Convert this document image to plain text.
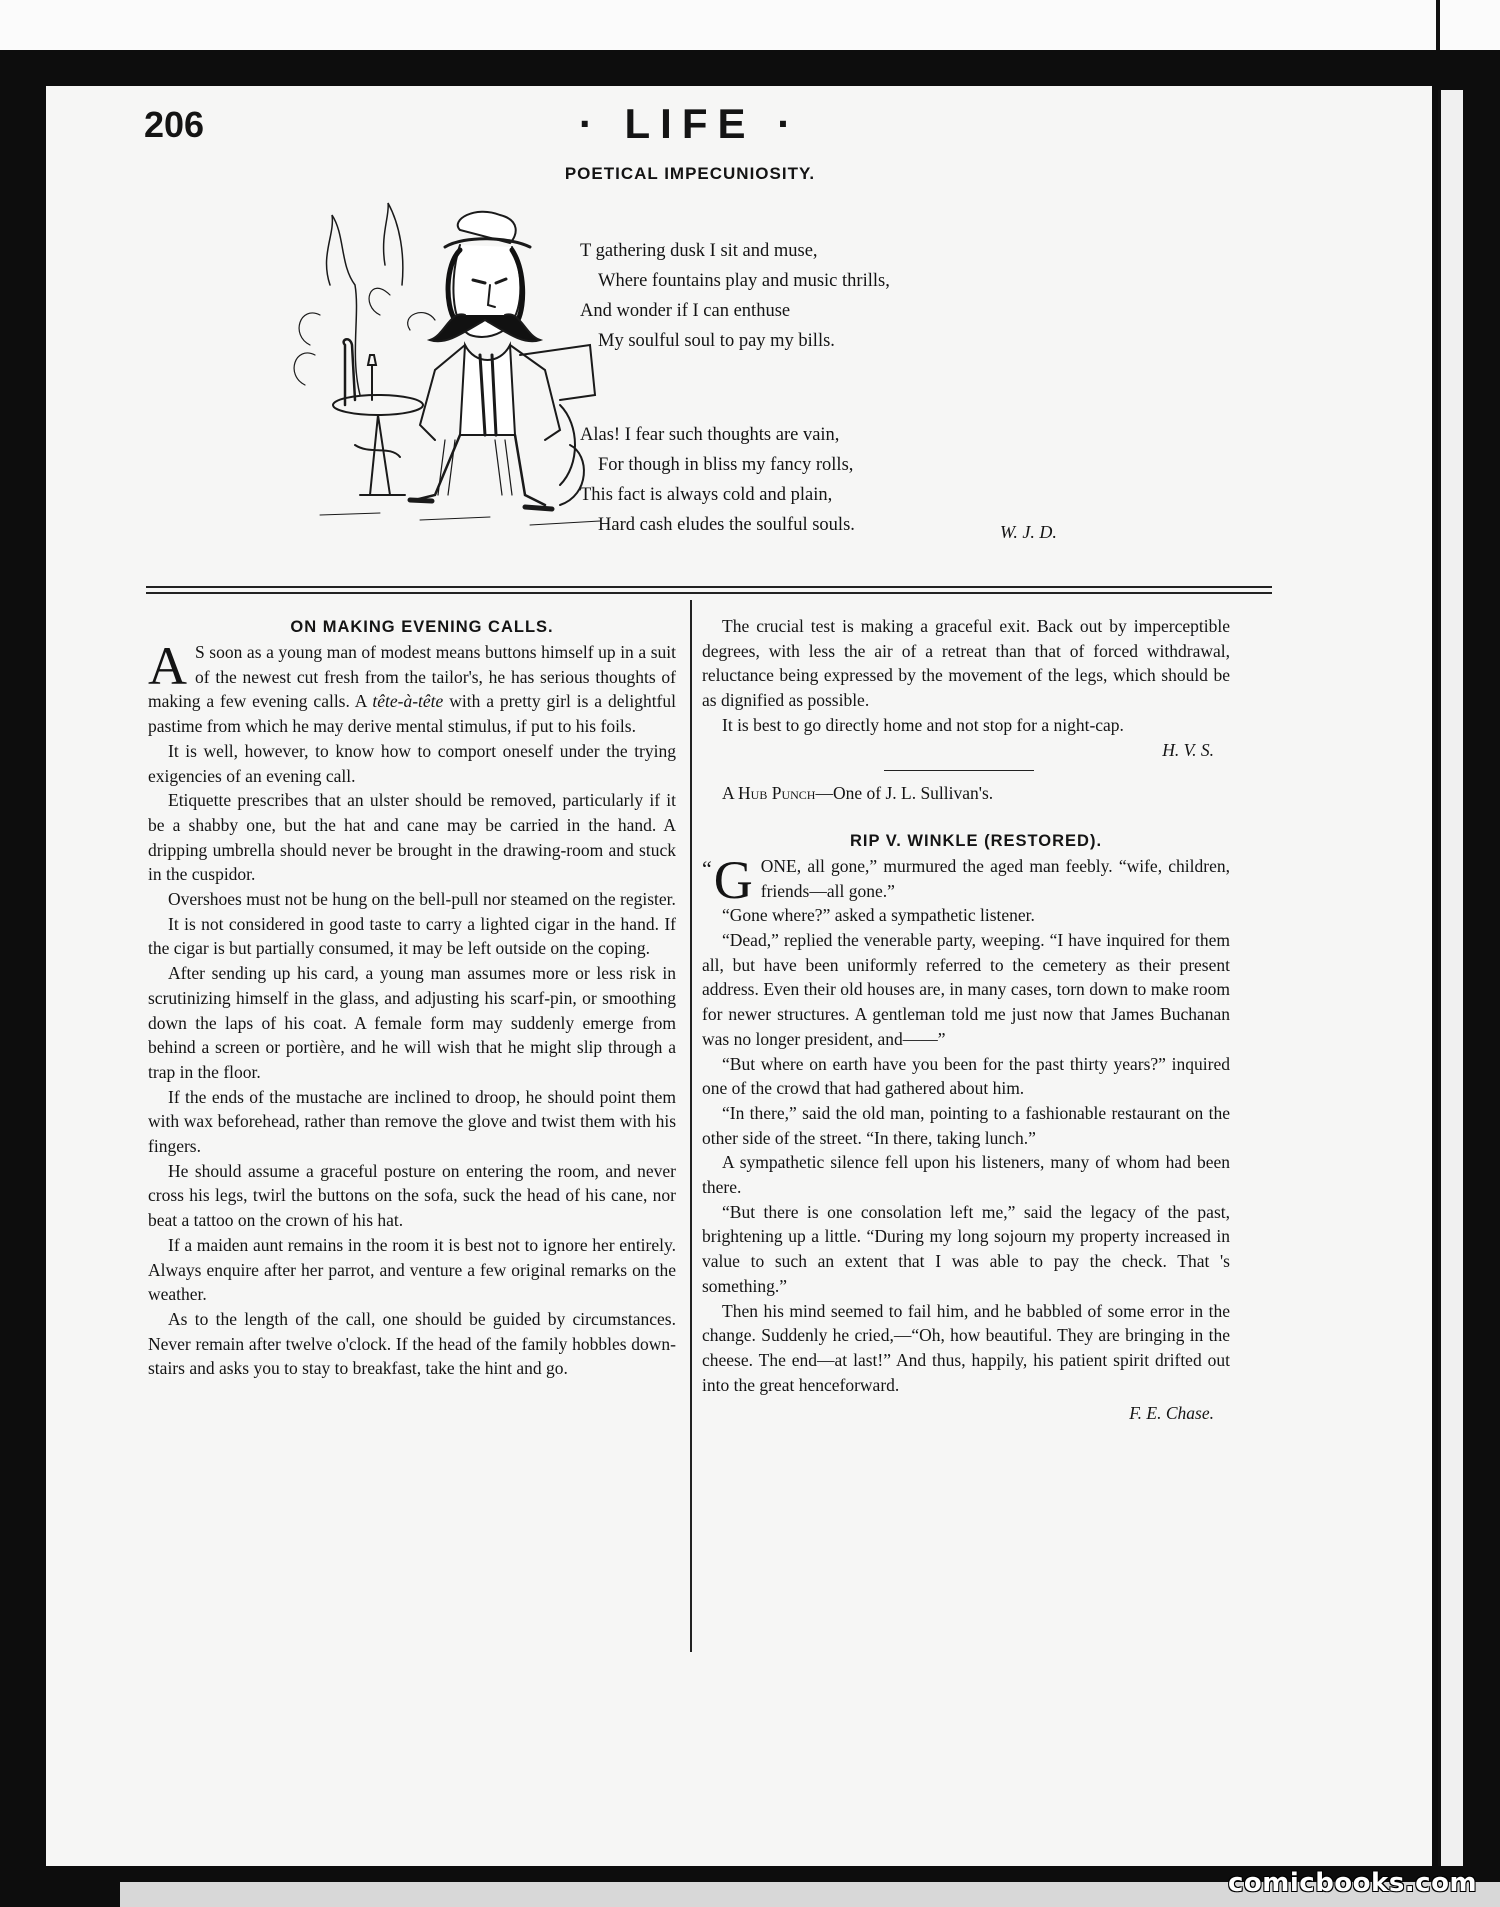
206	· LIFE ·

POETICAL IMPECUNIOSITY.

T gathering dusk I sit and muse,
Where fountains play and music thrills,
And wonder if I can enthuse
My soulful soul to pay my bills.
Alas! I fear such thoughts are vain,
For though in bliss my fancy rolls,
This fact is always cold and plain,
Hard cash eludes the soulful souls.	W. J. D.

ON MAKING EVENING CALLS.

A S soon as a young man of modest means buttons himself up in a suit of the newest cut fresh from the tailor's, he has serious thoughts of making a few evening calls. A tête-à-tête with a pretty girl is a delightful pastime from which he may derive mental stimulus, if put to his foils.

It is well, however, to know how to comport oneself under the trying exigencies of an evening call.

Etiquette prescribes that an ulster should be removed, particularly if it be a shabby one, but the hat and cane may be carried in the hand. A dripping umbrella should never be brought in the drawing-room and stuck in the cuspidor.

Overshoes must not be hung on the bell-pull nor steamed on the register.

It is not considered in good taste to carry a lighted cigar in the hand. If the cigar is but partially consumed, it may be left outside on the coping.

After sending up his card, a young man assumes more or less risk in scrutinizing himself in the glass, and adjusting his scarf-pin, or smoothing down the laps of his coat. A female form may suddenly emerge from behind a screen or portière, and he will wish that he might slip through a trap in the floor.

If the ends of the mustache are inclined to droop, he should point them with wax beforehead, rather than remove the glove and twist them with his fingers.

He should assume a graceful posture on entering the room, and never cross his legs, twirl the buttons on the sofa, suck the head of his cane, nor beat a tattoo on the crown of his hat.

If a maiden aunt remains in the room it is best not to ignore her entirely. Always enquire after her parrot, and venture a few original remarks on the weather.

As to the length of the call, one should be guided by circumstances. Never remain after twelve o'clock. If the head of the family hobbles down-stairs and asks you to stay to breakfast, take the hint and go.

The crucial test is making a graceful exit. Back out by imperceptible degrees, with less the air of a retreat than that of forced withdrawal, reluctance being expressed by the movement of the legs, which should be as dignified as possible.

It is best to go directly home and not stop for a night-cap.

H. V. S.

A Hub Punch—One of J. L. Sullivan's.

RIP V. WINKLE (RESTORED).

“ G ONE, all gone,” murmured the aged man feebly. “wife, children, friends—all gone.”

“Gone where?” asked a sympathetic listener.

“Dead,” replied the venerable party, weeping. “I have inquired for them all, but have been uniformly referred to the cemetery as their present address. Even their old houses are, in many cases, torn down to make room for newer structures. A gentleman told me just now that James Buchanan was no longer president, and——”

“But where on earth have you been for the past thirty years?” inquired one of the crowd that had gathered about him.

“In there,” said the old man, pointing to a fashionable restaurant on the other side of the street. “In there, taking lunch.”

A sympathetic silence fell upon his listeners, many of whom had been there.

“But there is one consolation left me,” said the legacy of the past, brightening up a little. “During my long sojourn my property increased in value to such an extent that I was able to pay the check. That 's something.”

Then his mind seemed to fail him, and he babbled of some error in the change. Suddenly he cried,—“Oh, how beautiful. They are bringing in the cheese. The end—at last!” And thus, happily, his patient spirit drifted out into the great henceforward.

F. E. Chase.

comicbooks.com
